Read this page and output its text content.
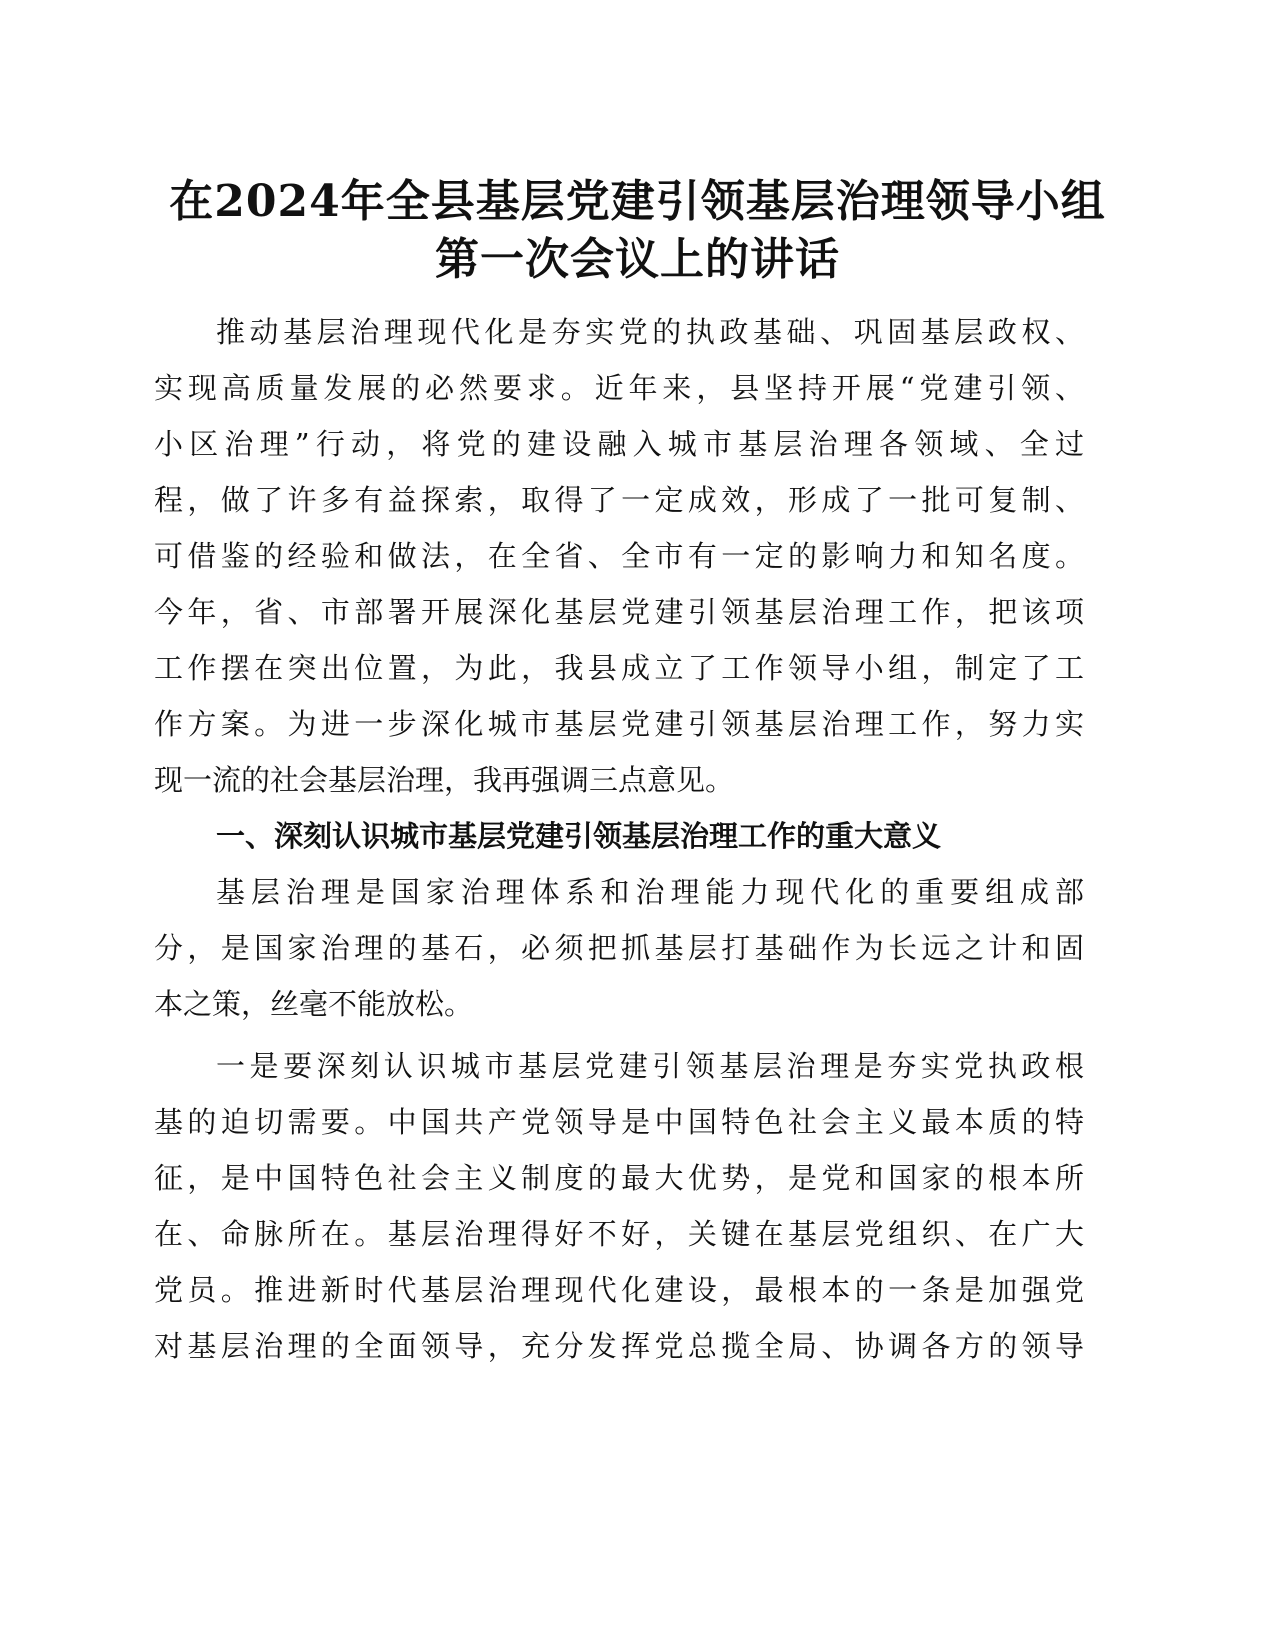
在2024年全县基层党建引领基层治理领导小组
第一次会议上的讲话

推动基层治理现代化是夯实党的执政基础、巩固基层政权、

实现高质量发展的必然要求。近年来，县坚持开展“党建引领、

小区治理”行动，将党的建设融入城市基层治理各领域、全过

程，做了许多有益探索，取得了一定成效，形成了一批可复制、

可借鉴的经验和做法，在全省、全市有一定的影响力和知名度。

今年，省、市部署开展深化基层党建引领基层治理工作，把该项

工作摆在突出位置，为此，我县成立了工作领导小组，制定了工

作方案。为进一步深化城市基层党建引领基层治理工作，努力实

现一流的社会基层治理，我再强调三点意见。

一、深刻认识城市基层党建引领基层治理工作的重大意义

基层治理是国家治理体系和治理能力现代化的重要组成部

分，是国家治理的基石，必须把抓基层打基础作为长远之计和固

本之策，丝毫不能放松。

一是要深刻认识城市基层党建引领基层治理是夯实党执政根

基的迫切需要。中国共产党领导是中国特色社会主义最本质的特

征，是中国特色社会主义制度的最大优势，是党和国家的根本所

在、命脉所在。基层治理得好不好，关键在基层党组织、在广大

党员。推进新时代基层治理现代化建设，最根本的一条是加强党

对基层治理的全面领导，充分发挥党总揽全局、协调各方的领导
